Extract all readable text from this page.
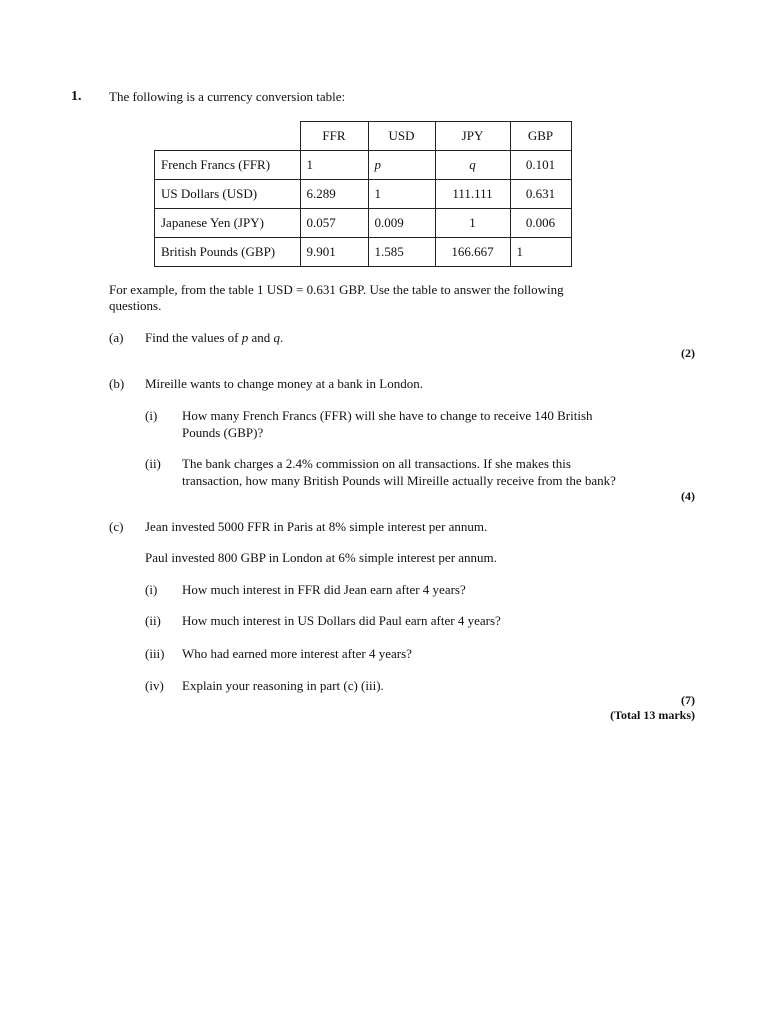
1. The following is a currency conversion table:
	FFR	USD	JPY	GBP
French Francs (FFR)	1	p	q	0.101
US Dollars (USD)	6.289	1	111.111	0.631
Japanese Yen (JPY)	0.057	0.009	1	0.006
British Pounds (GBP)	9.901	1.585	166.667	1
For example, from the table 1 USD = 0.631 GBP. Use the table to answer the following
questions.
(a) Find the values of p and q.
(2)
(b) Mireille wants to change money at a bank in London.
(i) How many French Francs (FFR) will she have to change to receive 140 British
Pounds (GBP)?
(ii) The bank charges a 2.4% commission on all transactions. If she makes this
transaction, how many British Pounds will Mireille actually receive from the bank?
(4)
(c) Jean invested 5000 FFR in Paris at 8% simple interest per annum.
Paul invested 800 GBP in London at 6% simple interest per annum.
(i) How much interest in FFR did Jean earn after 4 years?
(ii) How much interest in US Dollars did Paul earn after 4 years?
(iii) Who had earned more interest after 4 years?
(iv) Explain your reasoning in part (c) (iii).
(7)
(Total 13 marks)
